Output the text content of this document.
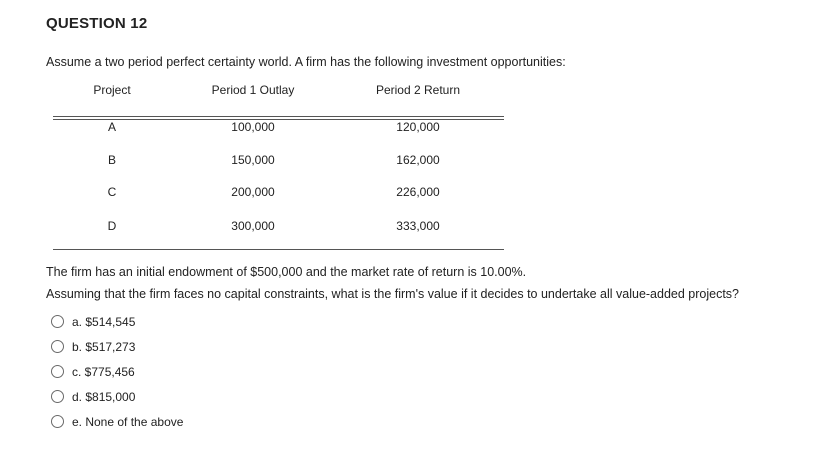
QUESTION 12
Assume a two period perfect certainty world. A firm has the following investment opportunities:
Project	Period 1 Outlay	Period 2 Return
A	100,000	120,000
B	150,000	162,000
C	200,000	226,000
D	300,000	333,000
The firm has an initial endowment of $500,000 and the market rate of return is 10.00%.
Assuming that the firm faces no capital constraints, what is the firm's value if it decides to undertake all value-added projects?
a. $514,545
b. $517,273
c. $775,456
d. $815,000
e. None of the above
